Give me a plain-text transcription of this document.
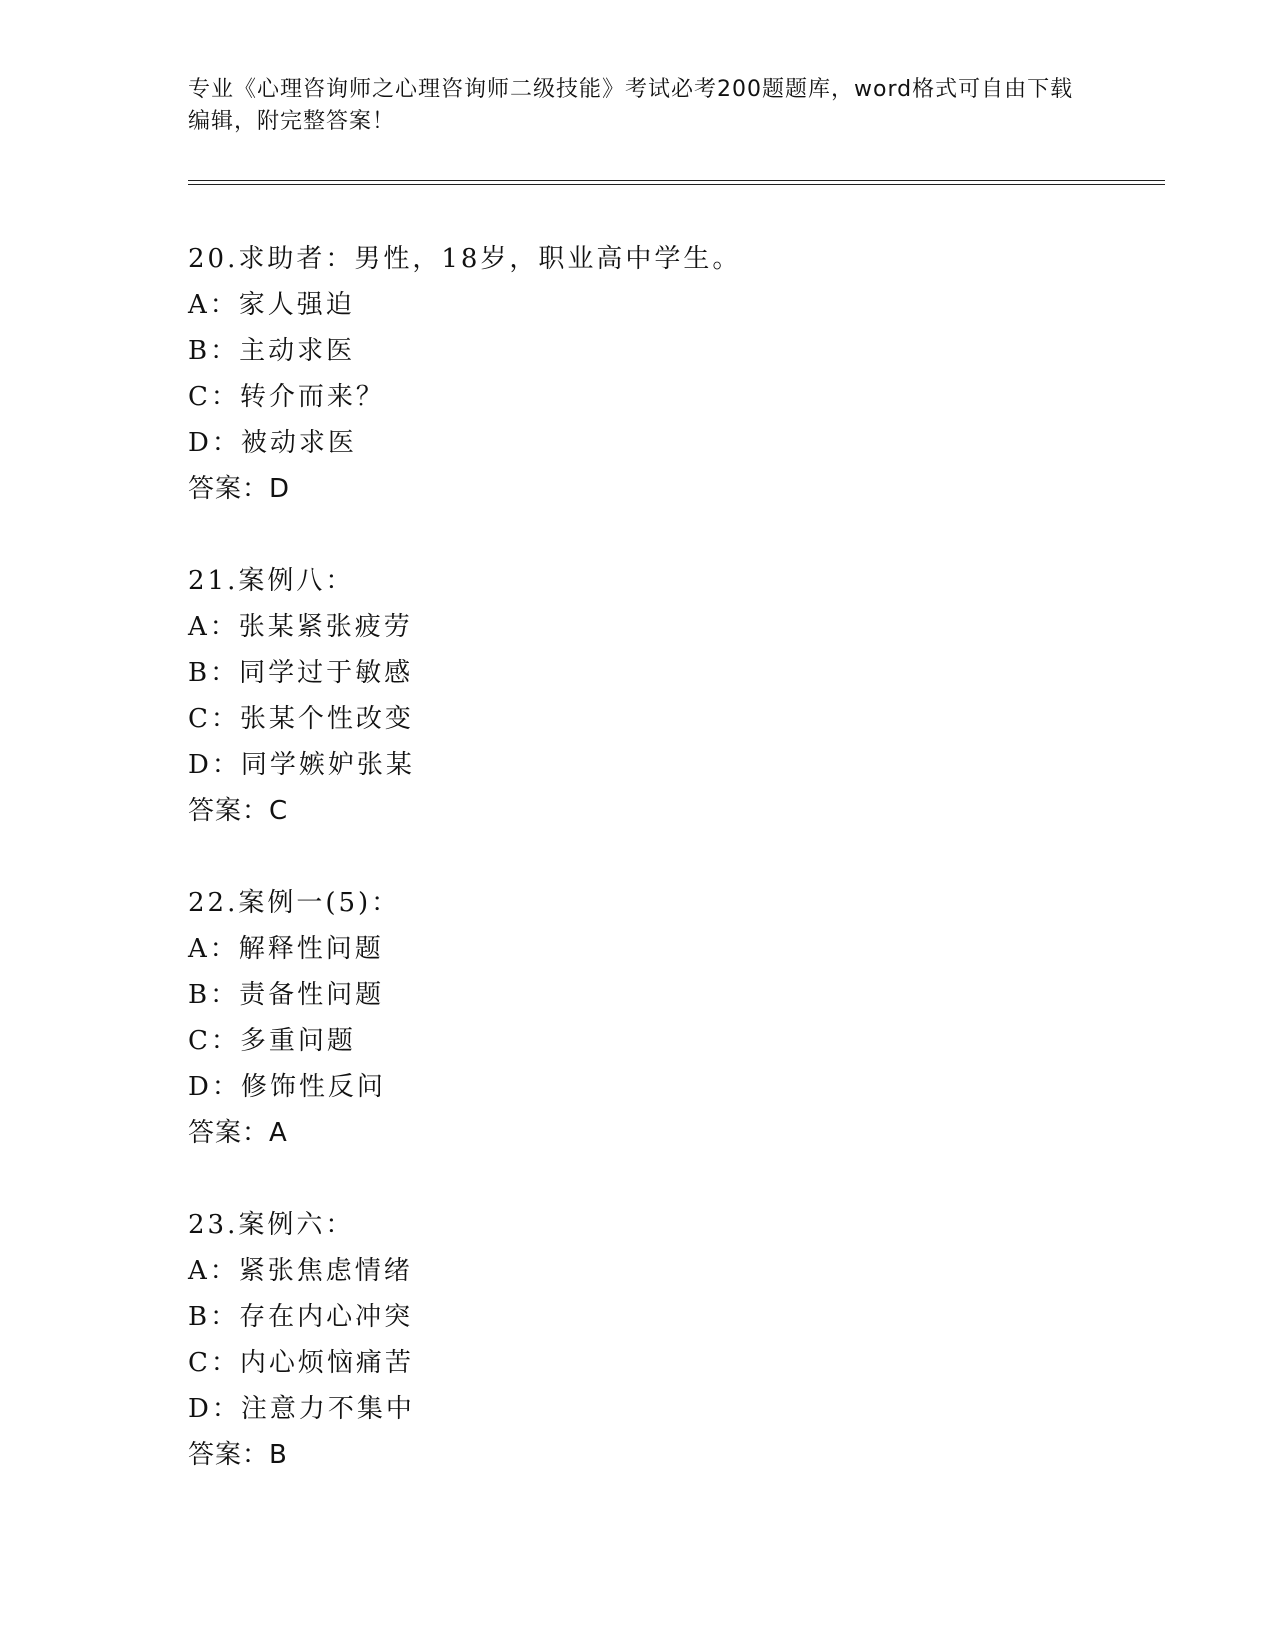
专业《心理咨询师之心理咨询师二级技能》考试必考200题题库，word格式可自由下载编辑，附完整答案！

20.求助者：男性，18岁，职业高中学生。
A：家人强迫
B：主动求医
C：转介而来？
D：被动求医
答案：D
21.案例八：
A：张某紧张疲劳
B：同学过于敏感
C：张某个性改变
D：同学嫉妒张某
答案：C
22.案例一(5)：
A：解释性问题
B：责备性问题
C：多重问题
D：修饰性反问
答案：A
23.案例六：
A：紧张焦虑情绪
B：存在内心冲突
C：内心烦恼痛苦
D：注意力不集中
答案：B
